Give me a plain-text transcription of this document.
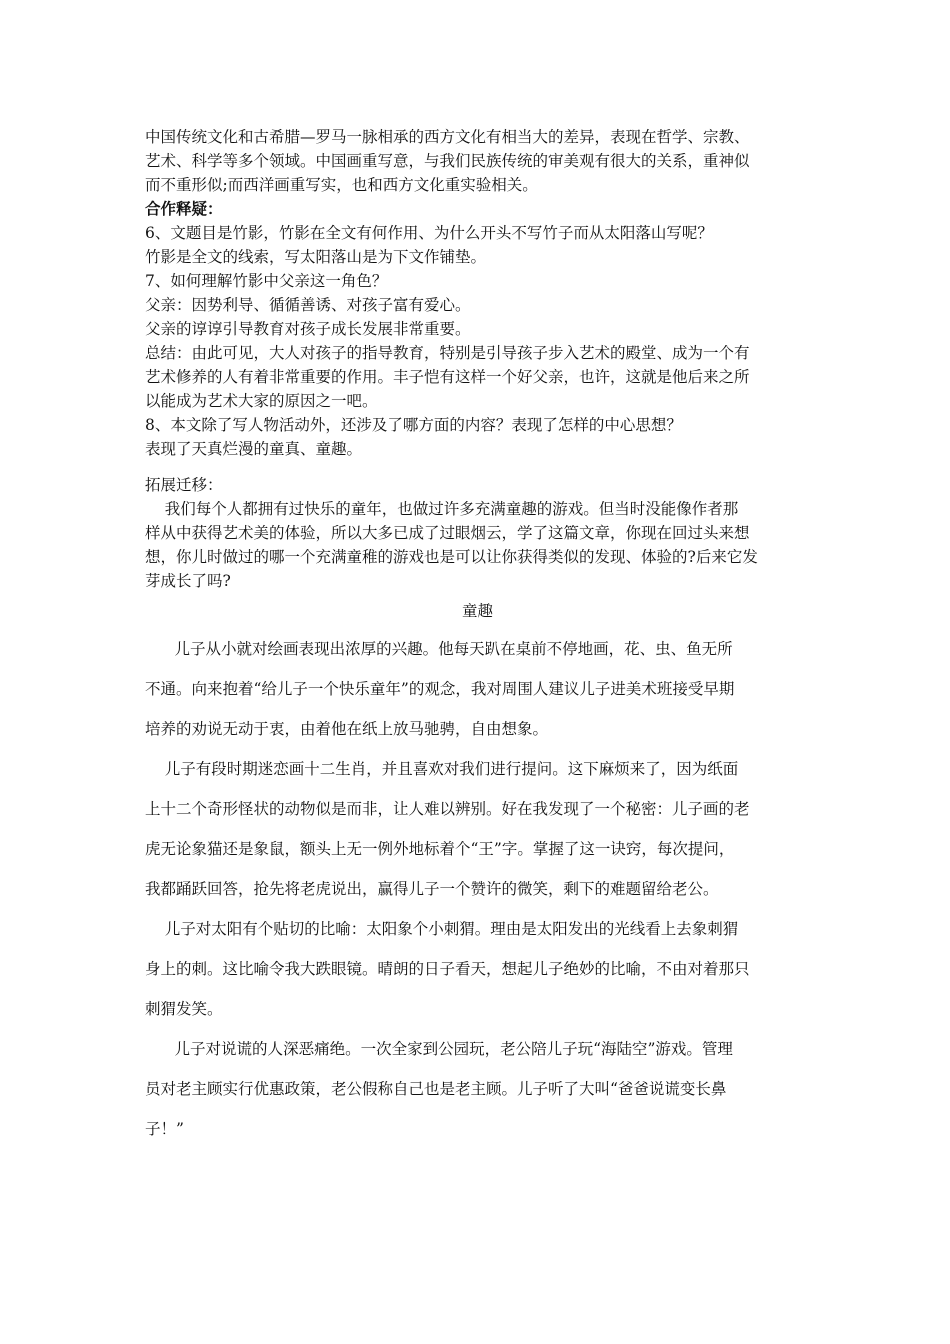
中国传统文化和古希腊—罗马一脉相承的西方文化有相当大的差异，表现在哲学、宗教、

艺术、科学等多个领域。中国画重写意，与我们民族传统的审美观有很大的关系，重神似

而不重形似;而西洋画重写实，也和西方文化重实验相关。

合作释疑：

6、文题目是竹影，竹影在全文有何作用、为什么开头不写竹子而从太阳落山写呢？

竹影是全文的线索，写太阳落山是为下文作铺垫。

7、如何理解竹影中父亲这一角色？

父亲：因势利导、循循善诱、对孩子富有爱心。

父亲的谆谆引导教育对孩子成长发展非常重要。

总结：由此可见，大人对孩子的指导教育，特别是引导孩子步入艺术的殿堂、成为一个有

艺术修养的人有着非常重要的作用。丰子恺有这样一个好父亲，也许，这就是他后来之所

以能成为艺术大家的原因之一吧。

8、本文除了写人物活动外，还涉及了哪方面的内容？表现了怎样的中心思想？

表现了天真烂漫的童真、童趣。

拓展迁移：

我们每个人都拥有过快乐的童年，也做过许多充满童趣的游戏。但当时没能像作者那

样从中获得艺术美的体验，所以大多已成了过眼烟云，学了这篇文章，你现在回过头来想

想，你儿时做过的哪一个充满童稚的游戏也是可以让你获得类似的发现、体验的?后来它发

芽成长了吗?

童趣

儿子从小就对绘画表现出浓厚的兴趣。他每天趴在桌前不停地画，花、虫、鱼无所

不通。向来抱着“给儿子一个快乐童年”的观念，我对周围人建议儿子进美术班接受早期

培养的劝说无动于衷，由着他在纸上放马驰骋，自由想象。

儿子有段时期迷恋画十二生肖，并且喜欢对我们进行提问。这下麻烦来了，因为纸面

上十二个奇形怪状的动物似是而非，让人难以辨别。好在我发现了一个秘密：儿子画的老

虎无论象猫还是象鼠，额头上无一例外地标着个“王”字。掌握了这一诀窍，每次提问，

我都踊跃回答，抢先将老虎说出，赢得儿子一个赞许的微笑，剩下的难题留给老公。

儿子对太阳有个贴切的比喻：太阳象个小刺猬。理由是太阳发出的光线看上去象刺猬

身上的刺。这比喻令我大跌眼镜。晴朗的日子看天，想起儿子绝妙的比喻，不由对着那只

刺猬发笑。

儿子对说谎的人深恶痛绝。一次全家到公园玩，老公陪儿子玩“海陆空”游戏。管理

员对老主顾实行优惠政策，老公假称自己也是老主顾。儿子听了大叫“爸爸说谎变长鼻

子！”
